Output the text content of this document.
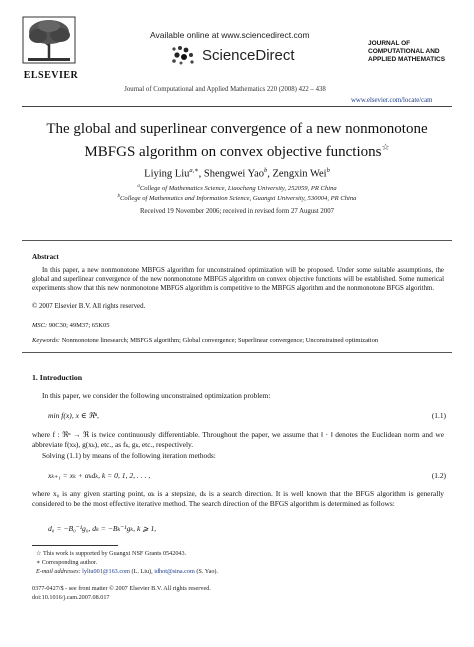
ELSEVIER
Available online at www.sciencedirect.com
ScienceDirect
JOURNAL OF
COMPUTATIONAL AND
APPLIED MATHEMATICS
Journal of Computational and Applied Mathematics 220 (2008) 422 – 438
www.elsevier.com/locate/cam
The global and superlinear convergence of a new nonmonotone
MBFGS algorithm on convex objective functions☆
Liying Liu$^{a,∗}$, Shengwei Yao$^b$, Zengxin Wei$^b$
$^a$College of Mathematics Science, Liaocheng University, 252059, PR China
$^b$College of Mathematics and Information Science, Guangxi University, 530004, PR China
Received 19 November 2006; received in revised form 27 August 2007
Abstract
In this paper, a new nonmonotone MBFGS algorithm for unconstrained optimization will be proposed. Under some suitable assumptions, the global and superlinear convergence of the new nonmonotone MBFGS algorithm on convex objective functions will be established. Some numerical experiments show that this new nonmonotone MBFGS algorithm is competitive to the MBFGS algorithm and the nonmonotone BFGS algorithm.
© 2007 Elsevier B.V. All rights reserved.
MSC: 90C30; 49M37; 65K05
Keywords: Nonmonotone linesearch; MBFGS algorithm; Global convergence; Superlinear convergence; Unconstrained optimization
1. Introduction
In this paper, we consider the following unconstrained optimization problem:
min f(x), x ∈ ℜⁿ,	(1.1)
where f : ℜⁿ → ℜ is twice continuously differentiable. Throughout the paper, we assume that ‖ · ‖ denotes the Euclidean norm and we abbreviate f(xₖ), g(xₖ), etc., as fₖ, gₖ, etc., respectively.
Solving (1.1) by means of the following iteration methods:
xₖ₊₁ = xₖ + αₖdₖ, k = 0, 1, 2, . . . ,	(1.2)
where x₀ is any given starting point, αₖ is a stepsize, dₖ is a search direction. It is well known that the BFGS algorithm is generally considered to be the most effective iterative method. The search direction of the BFGS algorithm is determined as follows:
d₀ = −B₀⁻¹g₀, dₖ = −Bₖ⁻¹gₖ, k ⩾ 1,
☆ This work is supported by Guangxi NSF Grants 0542043.
∗ Corresponding author.
E-mail addresses: lyliu001@163.com (L. Liu), idhot@sina.com (S. Yao).
0377-0427/$ - see front matter © 2007 Elsevier B.V. All rights reserved.
doi:10.1016/j.cam.2007.08.017
